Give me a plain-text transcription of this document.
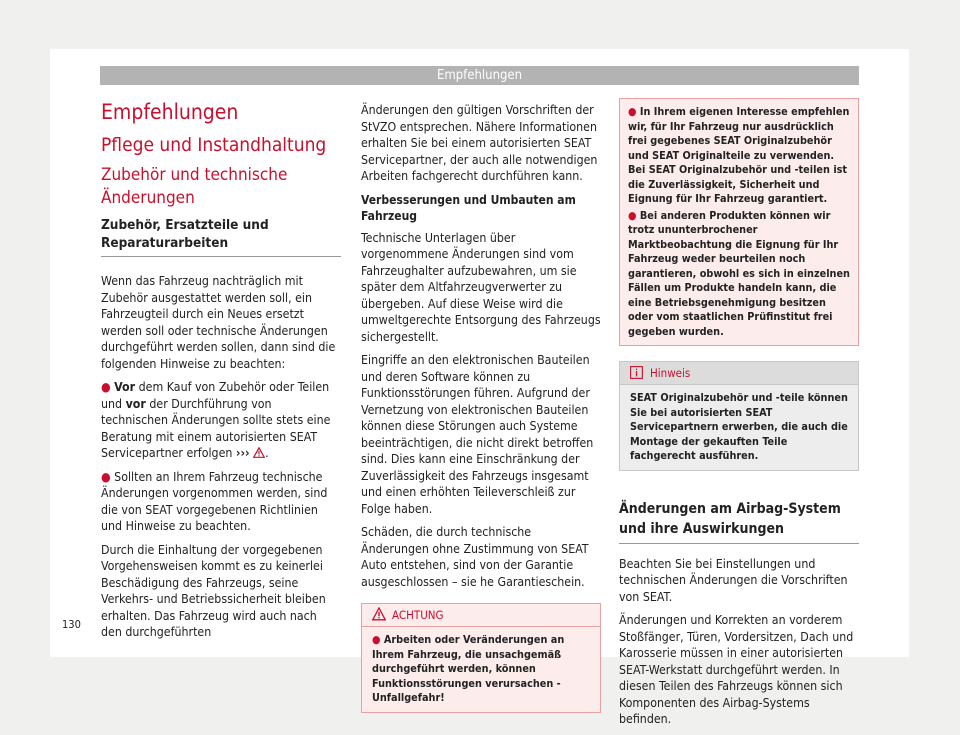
Empfehlungen
Empfehlungen
Pflege und Instandhaltung
Zubehör und technische Änderungen
Zubehör, Ersatzteile und Reparaturarbeiten

Wenn das Fahrzeug nachträglich mit Zubehör ausgestattet werden soll, ein Fahrzeugteil durch ein Neues ersetzt werden soll oder technische Änderungen durchgeführt werden sollen, dann sind die folgenden Hinweise zu beachten:

● Vor dem Kauf von Zubehör oder Teilen und vor der Durchführung von technischen Änderungen sollte stets eine Beratung mit einem autorisierten SEAT Servicepartner erfolgen ››› .

● Sollten an Ihrem Fahrzeug technische Änderungen vorgenommen werden, sind die von SEAT vorgegebenen Richtlinien und Hinweise zu beachten.

Durch die Einhaltung der vorgegebenen Vorgehensweisen kommt es zu keinerlei Beschädigung des Fahrzeugs, seine Verkehrs- und Betriebssicherheit bleiben erhalten. Das Fahrzeug wird auch nach den durchgeführten

Änderungen den gültigen Vorschriften der StVZO entsprechen. Nähere Informationen erhalten Sie bei einem autorisierten SEAT Servicepartner, der auch alle notwendigen Arbeiten fachgerecht durchführen kann.

Verbesserungen und Umbauten am Fahrzeug

Technische Unterlagen über vorgenommene Änderungen sind vom Fahrzeughalter aufzubewahren, um sie später dem Altfahrzeugverwerter zu übergeben. Auf diese Weise wird die umweltgerechte Entsorgung des Fahrzeugs sichergestellt.

Eingriffe an den elektronischen Bauteilen und deren Software können zu Funktionsstörungen führen. Aufgrund der Vernetzung von elektronischen Bauteilen können diese Störungen auch Systeme beeinträchtigen, die nicht direkt betroffen sind. Dies kann eine Einschränkung der Zuverlässigkeit des Fahrzeugs insgesamt und einen erhöhten Teileverschleiß zur Folge haben.

Schäden, die durch technische Änderungen ohne Zustimmung von SEAT Auto entstehen, sind von der Garantie ausgeschlossen – sie he Garantieschein.

ACHTUNG
● Arbeiten oder Veränderungen an Ihrem Fahrzeug, die unsachgemäß durchgeführt werden, können Funktionsstörungen verursachen - Unfallgefahr!

● In Ihrem eigenen Interesse empfehlen wir, für Ihr Fahrzeug nur ausdrücklich frei gegebenes SEAT Originalzubehör und SEAT Originalteile zu verwenden. Bei SEAT Originalzubehör und -teilen ist die Zuverlässigkeit, Sicherheit und Eignung für Ihr Fahrzeug garantiert.

● Bei anderen Produkten können wir trotz ununterbrochener Marktbeobachtung die Eignung für Ihr Fahrzeug weder beurteilen noch garantieren, obwohl es sich in einzelnen Fällen um Produkte handeln kann, die eine Betriebsgenehmigung besitzen oder vom staatlichen Prüfinstitut frei gegeben wurden.

Hinweis
SEAT Originalzubehör und -teile können Sie bei autorisierten SEAT Servicepartnern erwerben, die auch die Montage der gekauften Teile fachgerecht ausführen.
Änderungen am Airbag-System und ihre Auswirkungen

Beachten Sie bei Einstellungen und technischen Änderungen die Vorschriften von SEAT.

Änderungen und Korrekten an vorderem Stoßfänger, Türen, Vordersitzen, Dach und Karosserie müssen in einer autorisierten SEAT-Werkstatt durchgeführt werden. In diesen Teilen des Fahrzeugs können sich Komponenten des Airbag-Systems befinden.

130
